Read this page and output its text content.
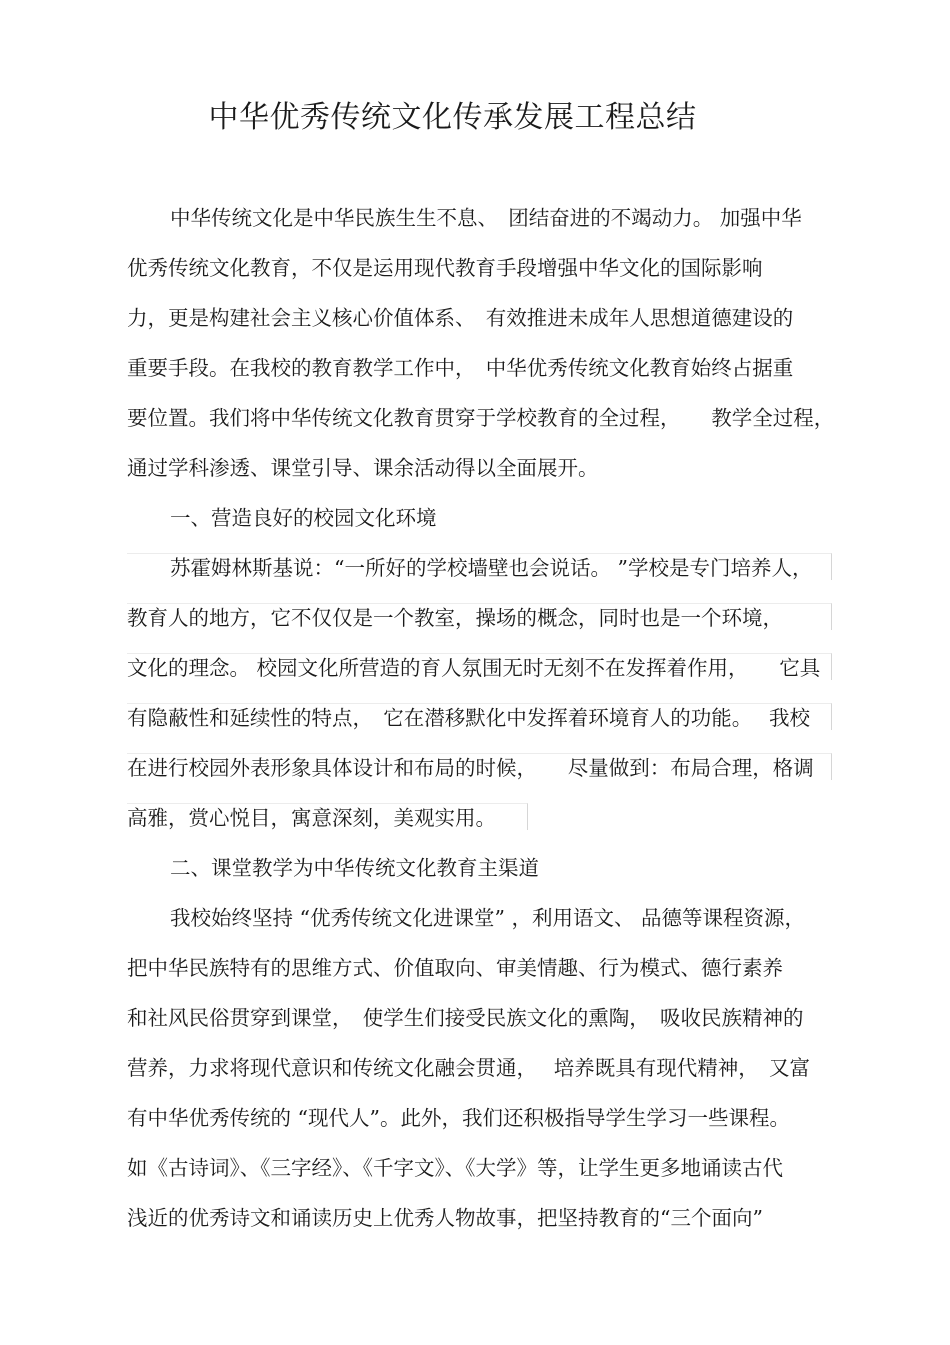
中华优秀传统文化传承发展工程总结
中华传统文化是中华民族生生不息、　团结奋进的不竭动力。 加强中华
优秀传统文化教育，不仅是运用现代教育手段增强中华文化的国际影响
力，更是构建社会主义核心价值体系、　有效推进未成年人思想道德建设的
重要手段。在我校的教育教学工作中，　中华优秀传统文化教育始终占据重
要位置。我们将中华传统文化教育贯穿于学校教育的全过程，　　教学全过程，
通过学科渗透、课堂引导、课余活动得以全面展开。
一、营造良好的校园文化环境
苏霍姆林斯基说：“一所好的学校墙壁也会说话。 ”学校是专门培养人，
教育人的地方，它不仅仅是一个教室，操场的概念，同时也是一个环境，
文化的理念。 校园文化所营造的育人氛围无时无刻不在发挥着作用，　　它具
有隐蔽性和延续性的特点，　它在潜移默化中发挥着环境育人的功能。　 我校
在进行校园外表形象具体设计和布局的时候，　　尽量做到：布局合理，格调
高雅，赏心悦目，寓意深刻，美观实用。
二、课堂教学为中华传统文化教育主渠道
我校始终坚持 “优秀传统文化进课堂” ，利用语文、 品德等课程资源，
把中华民族特有的思维方式、价值取向、审美情趣、行为模式、德行素养
和社风民俗贯穿到课堂，　使学生们接受民族文化的熏陶，　吸收民族精神的
营养，力求将现代意识和传统文化融会贯通，　 培养既具有现代精神，　又富
有中华优秀传统的 “现代人”。此外，我们还积极指导学生学习一些课程。
如《古诗词》、《三字经》、《千字文》、《大学》等，让学生更多地诵读古代
浅近的优秀诗文和诵读历史上优秀人物故事，把坚持教育的“三个面向”
